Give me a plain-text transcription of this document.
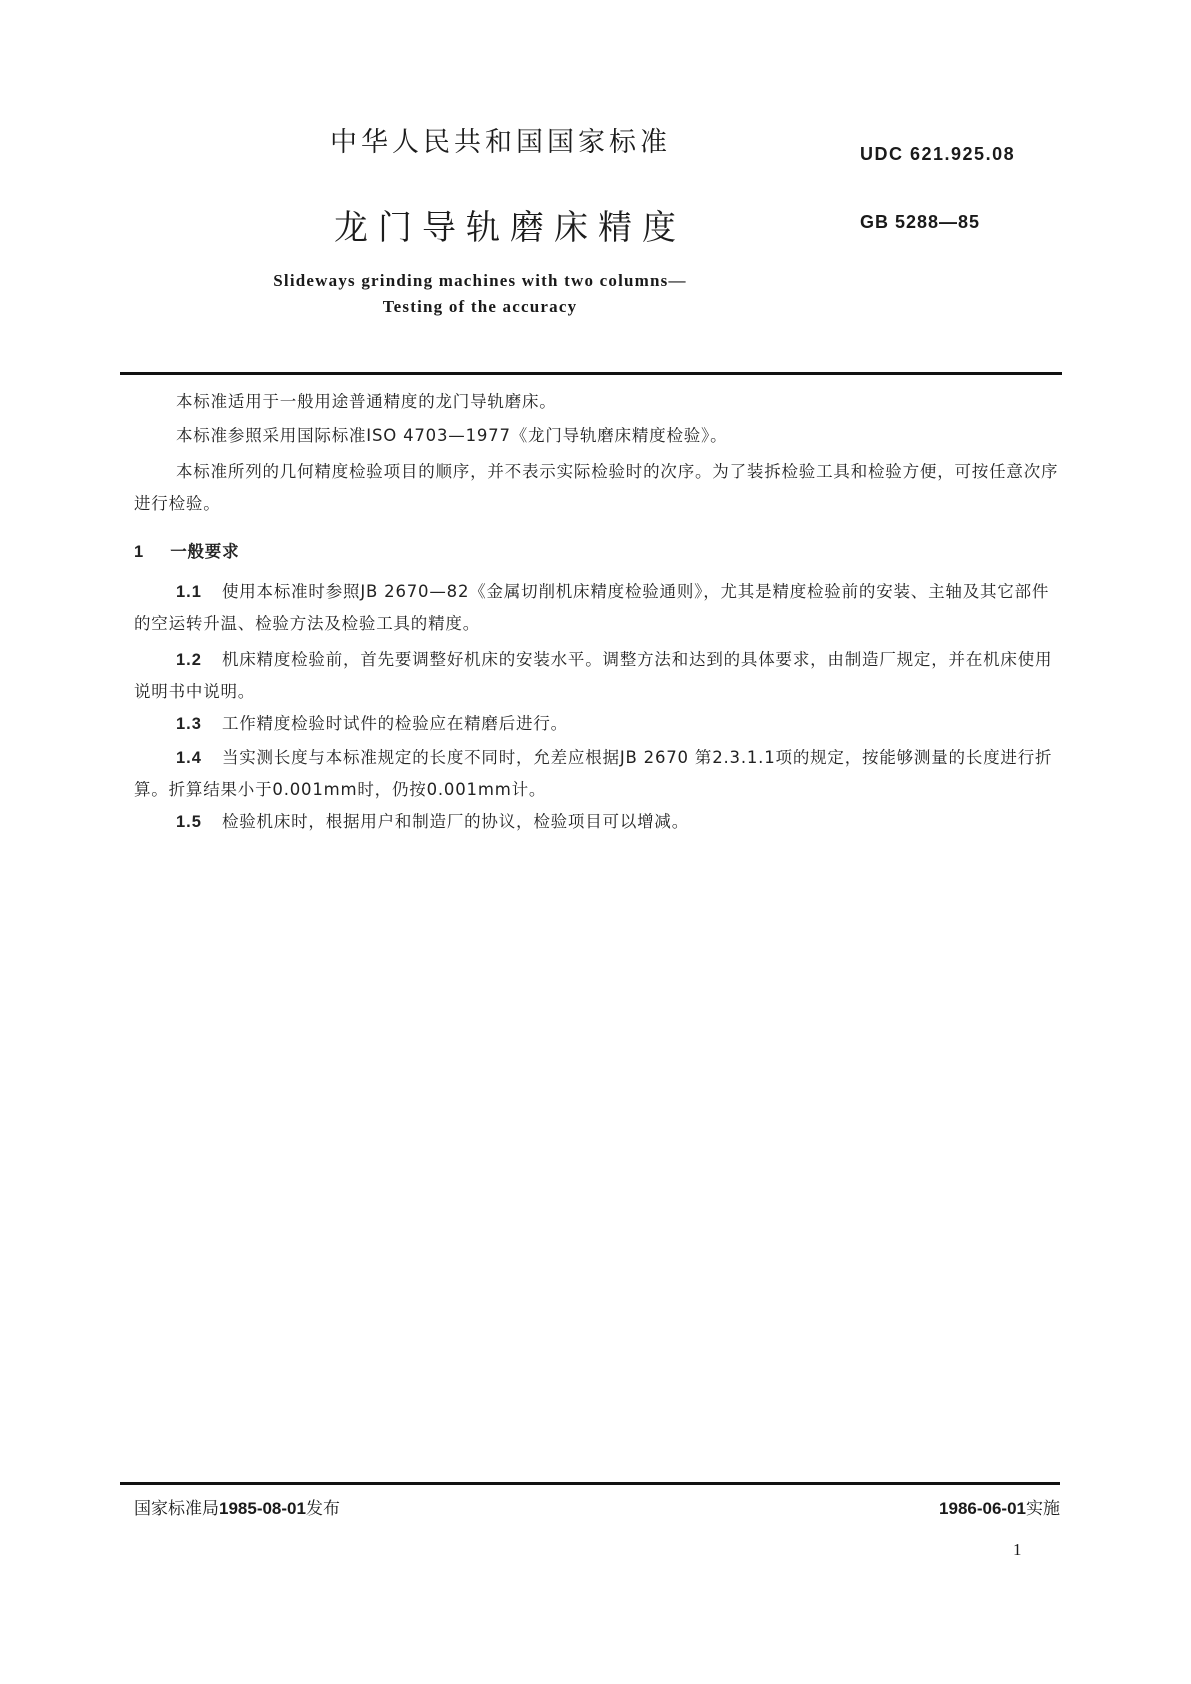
中华人民共和国国家标准	UDC 621.925.08
龙门导轨磨床精度	GB 5288—85
Slideways grinding machines with two columns—Testing of the accuracy
本标准适用于一般用途普通精度的龙门导轨磨床。
本标准参照采用国际标准ISO 4703—1977《龙门导轨磨床精度检验》。
本标准所列的几何精度检验项目的顺序，并不表示实际检验时的次序。为了装拆检验工具和检验方便，可按任意次序进行检验。
1 一般要求
1.1 使用本标准时参照JB 2670—82《金属切削机床精度检验通则》，尤其是精度检验前的安装、主轴及其它部件的空运转升温、检验方法及检验工具的精度。
1.2 机床精度检验前，首先要调整好机床的安装水平。调整方法和达到的具体要求，由制造厂规定，并在机床使用说明书中说明。
1.3 工作精度检验时试件的检验应在精磨后进行。
1.4 当实测长度与本标准规定的长度不同时，允差应根据JB 2670 第2.3.1.1项的规定，按能够测量的长度进行折算。折算结果小于0.001mm时，仍按0.001mm计。
1.5 检验机床时，根据用户和制造厂的协议，检验项目可以增减。
国家标准局1985-08-01发布	1986-06-01实施
1
